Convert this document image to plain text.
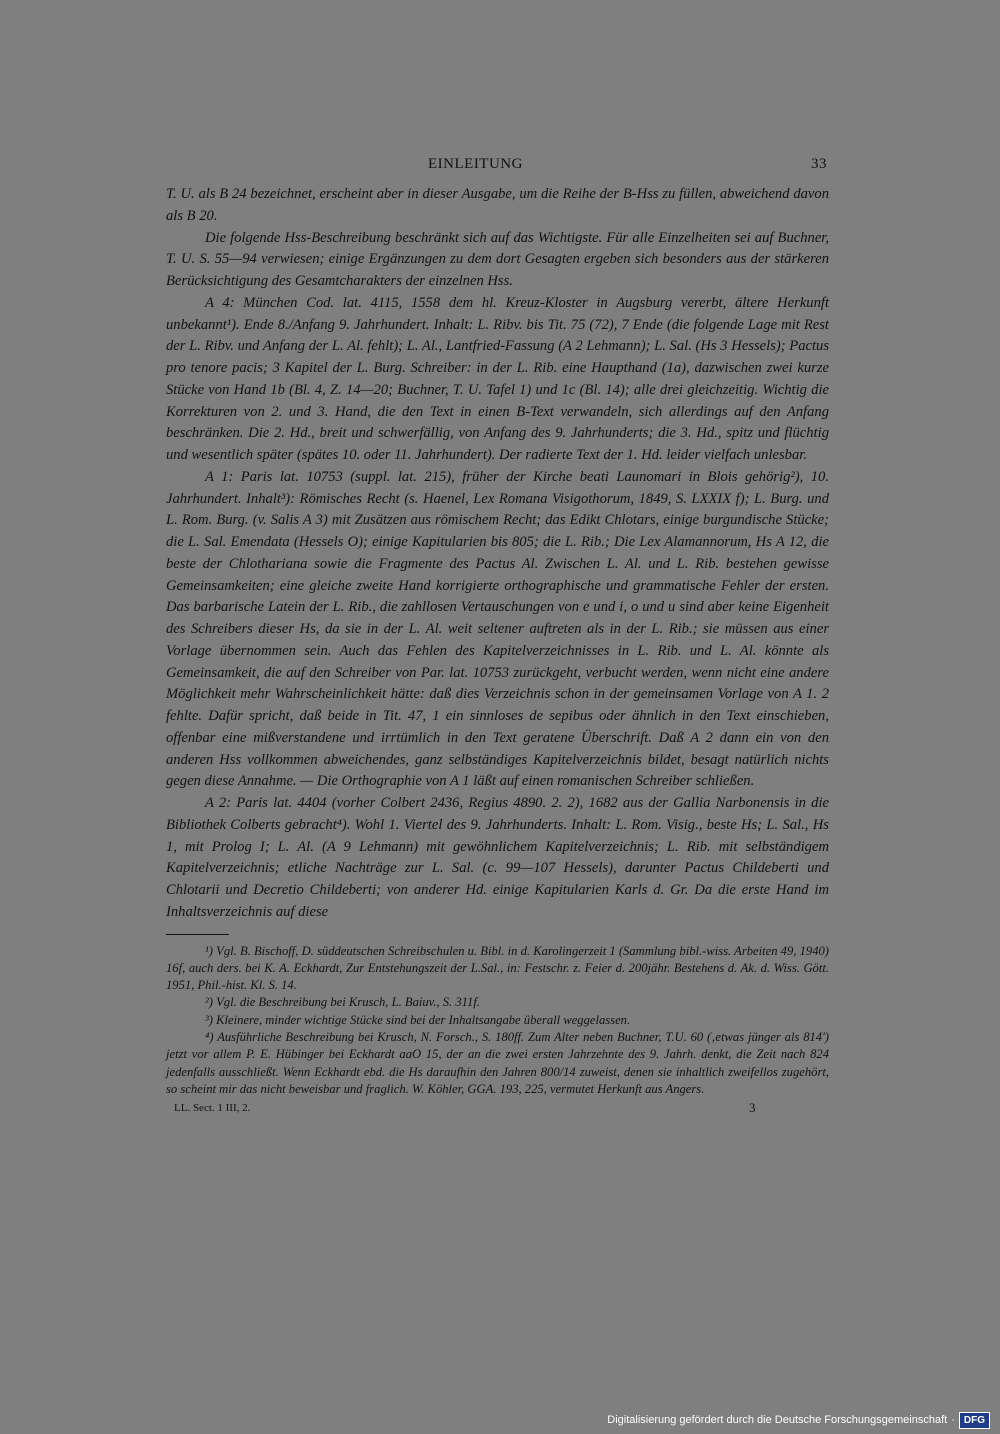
EINLEITUNG	33

T. U. als B 24 bezeichnet, erscheint aber in dieser Ausgabe, um die Reihe der B-Hss zu füllen, abweichend davon als B 20.

Die folgende Hss-Beschreibung beschränkt sich auf das Wichtigste. Für alle Einzelheiten sei auf Buchner, T. U. S. 55—94 verwiesen; einige Ergänzungen zu dem dort Gesagten ergeben sich besonders aus der stärkeren Berücksichtigung des Gesamtcharakters der einzelnen Hss.

A 4: München Cod. lat. 4115, 1558 dem hl. Kreuz-Kloster in Augsburg vererbt, ältere Herkunft unbekannt¹). Ende 8./Anfang 9. Jahrhundert. Inhalt: L. Ribv. bis Tit. 75 (72), 7 Ende (die folgende Lage mit Rest der L. Ribv. und Anfang der L. Al. fehlt); L. Al., Lantfried-Fassung (A 2 Lehmann); L. Sal. (Hs 3 Hessels); Pactus pro tenore pacis; 3 Kapitel der L. Burg. Schreiber: in der L. Rib. eine Haupthand (1a), dazwischen zwei kurze Stücke von Hand 1b (Bl. 4, Z. 14—20; Buchner, T. U. Tafel 1) und 1c (Bl. 14); alle drei gleichzeitig. Wichtig die Korrekturen von 2. und 3. Hand, die den Text in einen B-Text verwandeln, sich allerdings auf den Anfang beschränken. Die 2. Hd., breit und schwerfällig, von Anfang des 9. Jahrhunderts; die 3. Hd., spitz und flüchtig und wesentlich später (spätes 10. oder 11. Jahrhundert). Der radierte Text der 1. Hd. leider vielfach unlesbar.

A 1: Paris lat. 10753 (suppl. lat. 215), früher der Kirche beati Launomari in Blois gehörig²), 10. Jahrhundert. Inhalt³): Römisches Recht (s. Haenel, Lex Romana Visigothorum, 1849, S. LXXIX f); L. Burg. und L. Rom. Burg. (v. Salis A 3) mit Zusätzen aus römischem Recht; das Edikt Chlotars, einige burgundische Stücke; die L. Sal. Emendata (Hessels O); einige Kapitularien bis 805; die L. Rib.; Die Lex Alamannorum, Hs A 12, die beste der Chlothariana sowie die Fragmente des Pactus Al. Zwischen L. Al. und L. Rib. bestehen gewisse Gemeinsamkeiten; eine gleiche zweite Hand korrigierte orthographische und grammatische Fehler der ersten. Das barbarische Latein der L. Rib., die zahllosen Vertauschungen von e und i, o und u sind aber keine Eigenheit des Schreibers dieser Hs, da sie in der L. Al. weit seltener auftreten als in der L. Rib.; sie müssen aus einer Vorlage übernommen sein. Auch das Fehlen des Kapitelverzeichnisses in L. Rib. und L. Al. könnte als Gemeinsamkeit, die auf den Schreiber von Par. lat. 10753 zurückgeht, verbucht werden, wenn nicht eine andere Möglichkeit mehr Wahrscheinlichkeit hätte: daß dies Verzeichnis schon in der gemeinsamen Vorlage von A 1. 2 fehlte. Dafür spricht, daß beide in Tit. 47, 1 ein sinnloses de sepibus oder ähnlich in den Text einschieben, offenbar eine mißverstandene und irrtümlich in den Text geratene Überschrift. Daß A 2 dann ein von den anderen Hss vollkommen abweichendes, ganz selbständiges Kapitelverzeichnis bildet, besagt natürlich nichts gegen diese Annahme. — Die Orthographie von A 1 läßt auf einen romanischen Schreiber schließen.

A 2: Paris lat. 4404 (vorher Colbert 2436, Regius 4890. 2. 2), 1682 aus der Gallia Narbonensis in die Bibliothek Colberts gebracht⁴). Wohl 1. Viertel des 9. Jahrhunderts. Inhalt: L. Rom. Visig., beste Hs; L. Sal., Hs 1, mit Prolog I; L. Al. (A 9 Lehmann) mit gewöhnlichem Kapitelverzeichnis; L. Rib. mit selbständigem Kapitelverzeichnis; etliche Nachträge zur L. Sal. (c. 99—107 Hessels), darunter Pactus Childeberti und Chlotarii und Decretio Childeberti; von anderer Hd. einige Kapitularien Karls d. Gr. Da die erste Hand im Inhaltsverzeichnis auf diese

¹) Vgl. B. Bischoff, D. süddeutschen Schreibschulen u. Bibl. in d. Karolingerzeit 1 (Sammlung bibl.-wiss. Arbeiten 49, 1940) 16f, auch ders. bei K. A. Eckhardt, Zur Entstehungszeit der L.Sal., in: Festschr. z. Feier d. 200jähr. Bestehens d. Ak. d. Wiss. Gött. 1951, Phil.-hist. Kl. S. 14.

²) Vgl. die Beschreibung bei Krusch, L. Baiuv., S. 311f.

³) Kleinere, minder wichtige Stücke sind bei der Inhaltsangabe überall weggelassen.

⁴) Ausführliche Beschreibung bei Krusch, N. Forsch., S. 180ff. Zum Alter neben Buchner, T.U. 60 (‚etwas jünger als 814') jetzt vor allem P. E. Hübinger bei Eckhardt aaO 15, der an die zwei ersten Jahrzehnte des 9. Jahrh. denkt, die Zeit nach 824 jedenfalls ausschließt. Wenn Eckhardt ebd. die Hs daraufhin den Jahren 800/14 zuweist, denen sie inhaltlich zweifellos zugehört, so scheint mir das nicht beweisbar und fraglich. W. Köhler, GGA. 193, 225, vermutet Herkunft aus Angers.

LL. Sect. 1 III, 2.	3
Digitalisierung gefördert durch die Deutsche Forschungsgemeinschaft · DFG
